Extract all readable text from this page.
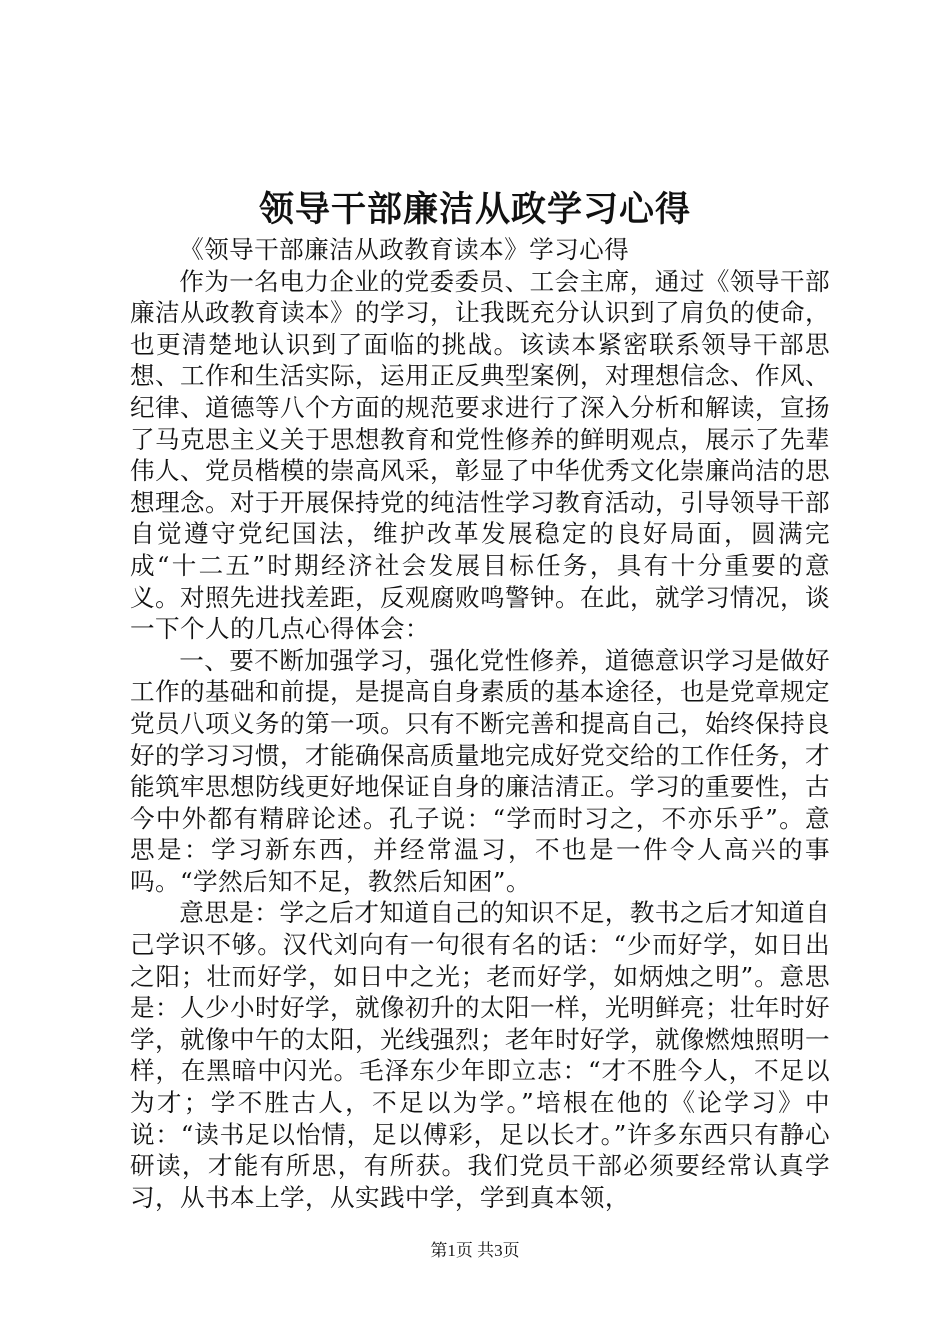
领导干部廉洁从政学习心得

《领导干部廉洁从政教育读本》学习心得

作为一名电力企业的党委委员、工会主席，通过《领导干部廉洁从政教育读本》的学习，让我既充分认识到了肩负的使命，也更清楚地认识到了面临的挑战。该读本紧密联系领导干部思想、工作和生活实际，运用正反典型案例，对理想信念、作风、纪律、道德等八个方面的规范要求进行了深入分析和解读，宣扬了马克思主义关于思想教育和党性修养的鲜明观点，展示了先辈伟人、党员楷模的崇高风采，彰显了中华优秀文化崇廉尚洁的思想理念。对于开展保持党的纯洁性学习教育活动，引导领导干部自觉遵守党纪国法，维护改革发展稳定的良好局面，圆满完成“十二五”时期经济社会发展目标任务，具有十分重要的意义。对照先进找差距，反观腐败鸣警钟。在此，就学习情况，谈一下个人的几点心得体会：

一、要不断加强学习，强化党性修养，道德意识学习是做好工作的基础和前提，是提高自身素质的基本途径，也是党章规定党员八项义务的第一项。只有不断完善和提高自己，始终保持良好的学习习惯，才能确保高质量地完成好党交给的工作任务，才能筑牢思想防线更好地保证自身的廉洁清正。学习的重要性，古今中外都有精辟论述。孔子说：“学而时习之，不亦乐乎”。意思是：学习新东西，并经常温习，不也是一件令人高兴的事吗。“学然后知不足，教然后知困”。

意思是：学之后才知道自己的知识不足，教书之后才知道自己学识不够。汉代刘向有一句很有名的话：“少而好学，如日出之阳；壮而好学，如日中之光；老而好学，如炳烛之明”。意思是：人少小时好学，就像初升的太阳一样，光明鲜亮；壮年时好学，就像中午的太阳，光线强烈；老年时好学，就像燃烛照明一样，在黑暗中闪光。毛泽东少年即立志：“才不胜今人，不足以为才；学不胜古人，不足以为学。”培根在他的《论学习》中说：“读书足以怡情，足以傅彩，足以长才。”许多东西只有静心研读，才能有所思，有所获。我们党员干部必须要经常认真学习，从书本上学，从实践中学，学到真本领，

第1页 共3页
